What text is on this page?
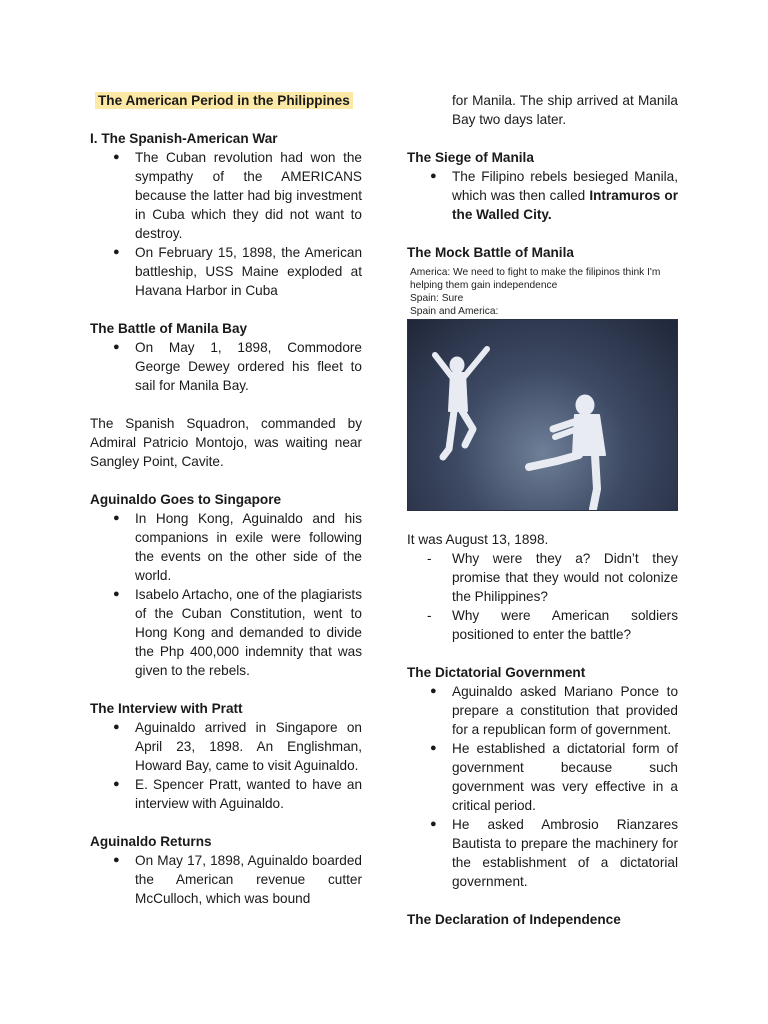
The American Period in the Philippines
I. The Spanish-American War
● The Cuban revolution had won the sympathy of the AMERICANS because the latter had big investment in Cuba which they did not want to destroy.
● On February 15, 1898, the American battleship, USS Maine exploded at Havana Harbor in Cuba
The Battle of Manila Bay
● On May 1, 1898, Commodore George Dewey ordered his fleet to sail for Manila Bay.

The Spanish Squadron, commanded by Admiral Patricio Montojo, was waiting near Sangley Point, Cavite.

Aguinaldo Goes to Singapore
● In Hong Kong, Aguinaldo and his companions in exile were following the events on the other side of the world.
● Isabelo Artacho, one of the plagiarists of the Cuban Constitution, went to Hong Kong and demanded to divide the Php 400,000 indemnity that was given to the rebels.
The Interview with Pratt
● Aguinaldo arrived in Singapore on April 23, 1898. An Englishman, Howard Bay, came to visit Aguinaldo.
● E. Spencer Pratt, wanted to have an interview with Aguinaldo.
Aguinaldo Returns
● On May 17, 1898, Aguinaldo boarded the American revenue cutter McCulloch, which was bound
for Manila. The ship arrived at Manila Bay two days later.
The Siege of Manila
● The Filipino rebels besieged Manila, which was then called Intramuros or the Walled City.
The Mock Battle of Manila
America: We need to fight to make the filipinos think I'm helping them gain independence
Spain: Sure
Spain and America:

It was August 13, 1898.

- Why were they a? Didn’t they promise that they would not colonize the Philippines?
- Why were American soldiers positioned to enter the battle?
The Dictatorial Government
● Aguinaldo asked Mariano Ponce to prepare a constitution that provided for a republican form of government.
● He established a dictatorial form of government because such government was very effective in a critical period.
● He asked Ambrosio Rianzares Bautista to prepare the machinery for the establishment of a dictatorial government.
The Declaration of Independence
